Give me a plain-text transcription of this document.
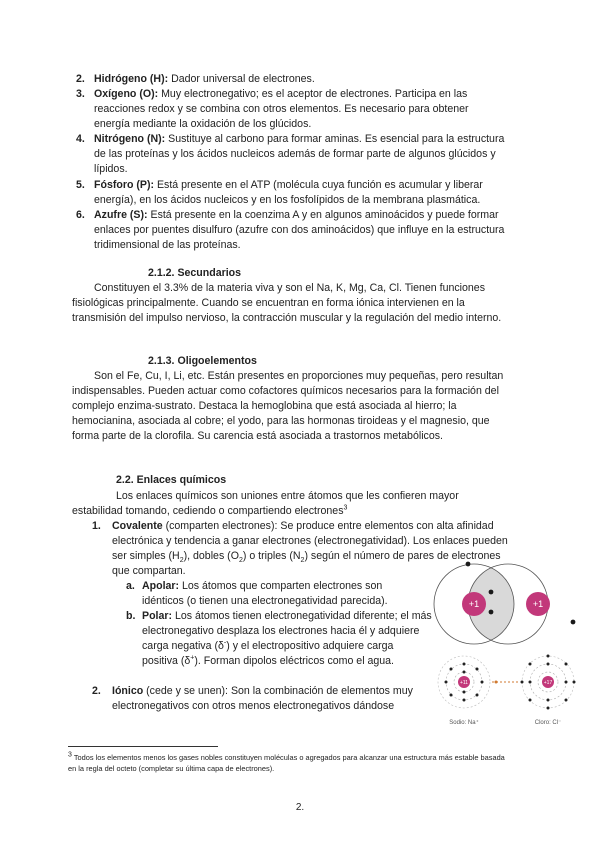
2. Hidrógeno (H): Dador universal de electrones.
3. Oxígeno (O): Muy electronegativo; es el aceptor de electrones. Participa en las reacciones redox y se combina con otros elementos. Es necesario para obtener energía mediante la oxidación de los glúcidos.
4. Nitrógeno (N): Sustituye al carbono para formar aminas. Es esencial para la estructura de las proteínas y los ácidos nucleicos además de formar parte de algunos glúcidos y lípidos.
5. Fósforo (P): Está presente en el ATP (molécula cuya función es acumular y liberar energía), en los ácidos nucleicos y en los fosfolípidos de la membrana plasmática.
6. Azufre (S): Está presente en la coenzima A y en algunos aminoácidos y puede formar enlaces por puentes disulfuro (azufre con dos aminoácidos) que influye en la estructura tridimensional de las proteínas.
2.1.2. Secundarios
Constituyen el 3.3% de la materia viva y son el Na, K, Mg, Ca, Cl. Tienen funciones fisiológicas principalmente. Cuando se encuentran en forma iónica intervienen en la transmisión del impulso nervioso, la contracción muscular y la regulación del medio interno.
2.1.3. Oligoelementos
Son el Fe, Cu, I, Li, etc. Están presentes en proporciones muy pequeñas, pero resultan indispensables. Pueden actuar como cofactores químicos necesarios para la formación del complejo enzima-sustrato. Destaca la hemoglobina que está asociada al hierro; la hemocianina, asociada al cobre; el yodo, para las hormonas tiroideas y el magnesio, que forma parte de la clorofila. Su carencia está asociada a trastornos metabólicos.
2.2. Enlaces químicos
Los enlaces químicos son uniones entre átomos que les confieren mayor estabilidad tomando, cediendo o compartiendo electrones$^3$
1. Covalente (comparten electrones): Se produce entre elementos con alta afinidad electrónica y tendencia a ganar electrones (electronegatividad). Los enlaces pueden ser simples $(H_2)$, dobles $(O_2)$ o triples $(N_2)$ según el número de pares de electrones que compartan.
a. Apolar: Los átomos que comparten electrones son idénticos (o tienen una electronegatividad parecida).
b. Polar: Los átomos tienen electronegatividad diferente; el más electronegativo desplaza los electrones hacia él y adquiere carga negativa (δ-) y el electropositivo adquiere carga positiva (δ+). Forman dipolos eléctricos como el agua.
2. Iónico (cede y se unen): Son la combinación de elementos muy electronegativos con otros menos electronegativos dándose
+1	+1
+11	+17
Sodio: Na⁺	Cloro: Cl⁻
$^3$ Todos los elementos menos los gases nobles constituyen moléculas o agregados para alcanzar una estructura más estable basada en la regla del octeto (completar su última capa de electrones).
2.
